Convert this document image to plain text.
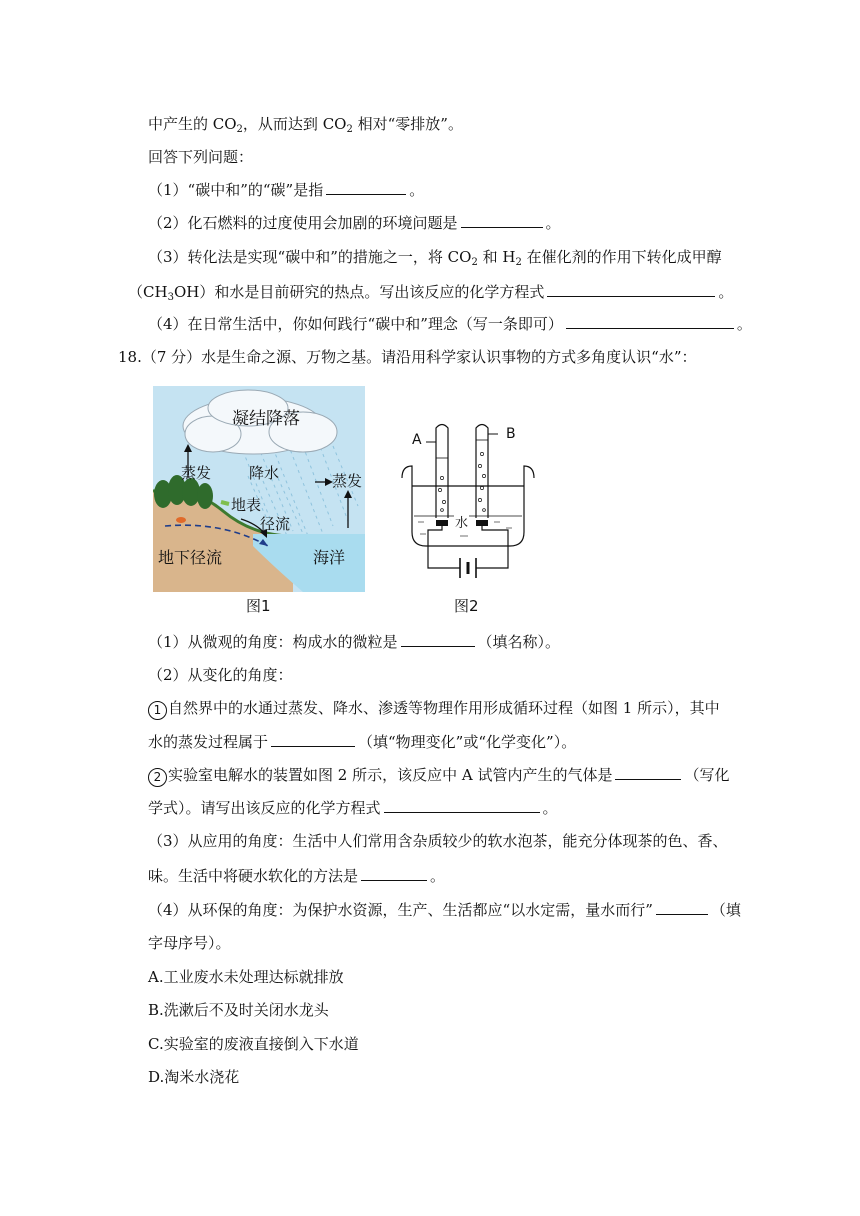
中产生的 $CO_2$，从而达到 $CO_2$ 相对“零排放”。
回答下列问题：
（1）“碳中和”的“碳”是指	。
（2）化石燃料的过度使用会加剧的环境问题是	。
（3）转化法是实现“碳中和”的措施之一，将 $CO_2$ 和 $H_2$ 在催化剂的作用下转化成甲醇
$(CH_3OH)$和水是目前研究的热点。写出该反应的化学方程式	。
（4）在日常生活中，你如何践行“碳中和”理念（写一条即可）	。
18.（7 分）水是生命之源、万物之基。请沿用科学家认识事物的方式多角度认识“水”：
凝结降落
蒸发	降水	蒸发
地表
径流
地下径流	海洋
图1
A	B
水
图2
（1）从微观的角度：构成水的微粒是	（填名称）。
（2）从变化的角度：
1 自然界中的水通过蒸发、降水、渗透等物理作用形成循环过程（如图 1 所示），其中
水的蒸发过程属于	（填“物理变化”或“化学变化”）。
2 实验室电解水的装置如图 2 所示，该反应中 A 试管内产生的气体是	（写化
学式）。请写出该反应的化学方程式	。
（3）从应用的角度：生活中人们常用含杂质较少的软水泡茶，能充分体现茶的色、香、
味。生活中将硬水软化的方法是	。
（4）从环保的角度：为保护水资源，生产、生活都应“以水定需，量水而行”	（填
字母序号）。
A.工业废水未处理达标就排放
B.洗漱后不及时关闭水龙头
C.实验室的废液直接倒入下水道
D.淘米水浇花
